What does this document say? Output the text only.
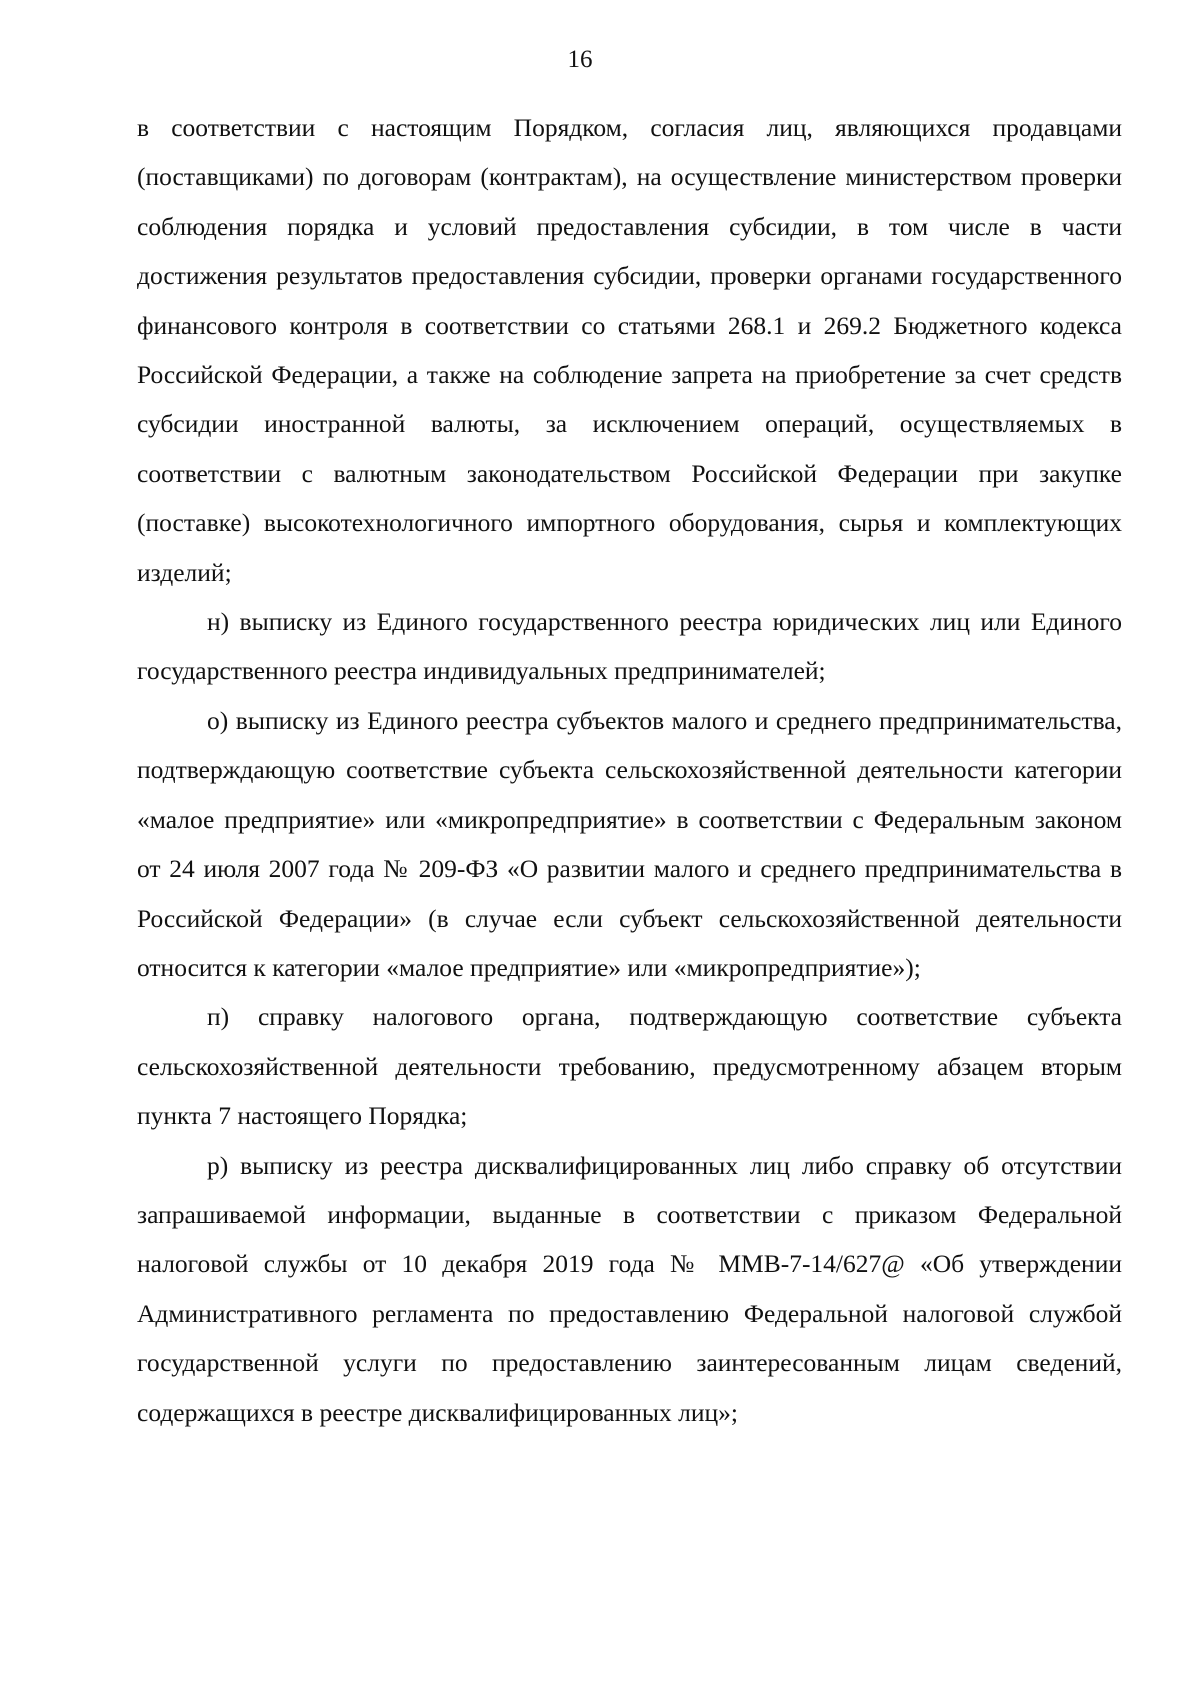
16

в соответствии с настоящим Порядком, согласия лиц, являющихся продавцами (поставщиками) по договорам (контрактам), на осуществление министерством проверки соблюдения порядка и условий предоставления субсидии, в том числе в части достижения результатов предоставления субсидии, проверки органами государственного финансового контроля в соответствии со статьями 268.1 и 269.2 Бюджетного кодекса Российской Федерации, а также на соблюдение запрета на приобретение за счет средств субсидии иностранной валюты, за исключением операций, осуществляемых в соответствии с валютным законодательством Российской Федерации при закупке (поставке) высокотехнологичного импортного оборудования, сырья и комплектующих изделий;

н) выписку из Единого государственного реестра юридических лиц или Единого государственного реестра индивидуальных предпринимателей;

о) выписку из Единого реестра субъектов малого и среднего предпринимательства, подтверждающую соответствие субъекта сельскохозяйственной деятельности категории «малое предприятие» или «микропредприятие» в соответствии с Федеральным законом от 24 июля 2007 года № 209-ФЗ «О развитии малого и среднего предпринимательства в Российской Федерации» (в случае если субъект сельскохозяйственной деятельности относится к категории «малое предприятие» или «микропредприятие»);

п) справку налогового органа, подтверждающую соответствие субъекта сельскохозяйственной деятельности требованию, предусмотренному абзацем вторым пункта 7 настоящего Порядка;

р) выписку из реестра дисквалифицированных лиц либо справку об отсутствии запрашиваемой информации, выданные в соответствии с приказом Федеральной налоговой службы от 10 декабря 2019 года № ММВ-7-14/627@ «Об утверждении Административного регламента по предоставлению Федеральной налоговой службой государственной услуги по предоставлению заинтересованным лицам сведений, содержащихся в реестре дисквалифицированных лиц»;
